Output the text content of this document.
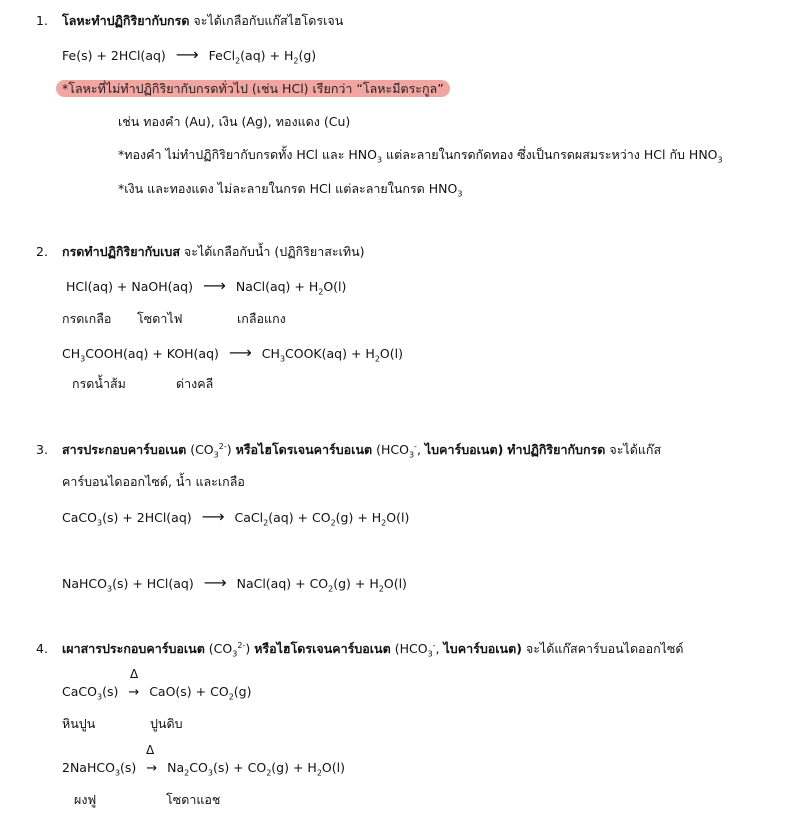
1. โลหะทำปฏิกิริยากับกรด จะได้เกลือกับแก๊สไฮโดรเจน
Fe(s) + 2HCl(aq) ⟶ FeCl$_2$(aq) + $H_2(g)$
*โลหะที่ไม่ทำปฏิกิริยากับกรดทั่วไป (เช่น HCl) เรียกว่า “โลหะมีตระกูล”
เช่น ทองคำ (Au), เงิน (Ag), ทองแดง (Cu)
*ทองคำ ไม่ทำปฏิกิริยากับกรดทั้ง HCl และ $HNO_3$ แต่ละลายในกรดกัดทอง ซึ่งเป็นกรดผสมระหว่าง HCl กับ $HNO_3$
*เงิน และทองแดง ไม่ละลายในกรด HCl แต่ละลายในกรด $HNO_3$
2. กรดทำปฏิกิริยากับเบส จะได้เกลือกับน้ำ (ปฏิกิริยาสะเทิน)
HCl(aq) + NaOH(aq) ⟶ NaCl(aq) + $H_2O(l)$
กรดเกลือ โซดาไฟ	เกลือแกง
$CH_3COOH(aq) + KOH(aq)$ ⟶ $CH_3COOK(aq) + H_2O(l)$
กรดน้ำส้ม	ด่างคลี
3. สารประกอบคาร์บอเนต $(CO_3^{2-})$ หรือไฮโดรเจนคาร์บอเนต ($HCO_3^-$, ไบคาร์บอเนต) ทำปฏิกิริยากับกรด จะได้แก๊ส
คาร์บอนไดออกไซด์, น้ำ และเกลือ
CaCO$_3$(s) + 2HCl(aq) ⟶ CaCl$_2$(aq) + $CO_2(g) + H_2O(l)$
NaHCO$_3$(s) + HCl(aq) ⟶ NaCl(aq) + $CO_2(g) + H_2O(l)$
4. เผาสารประกอบคาร์บอเนต $(CO_3^{2-})$ หรือไฮโดรเจนคาร์บอเนต ($HCO_3^-$, ไบคาร์บอเนต) จะได้แก๊สคาร์บอนไดออกไซด์
Δ
CaCO$_3$(s) → $CaO(s) + CO_2(g)$
หินปูน	ปูนดิบ
Δ
2NaHCO$_3$(s) → $Na_2CO_3(s) + CO_2(g) + H_2O(l)$
ผงฟู	โซดาแอช
